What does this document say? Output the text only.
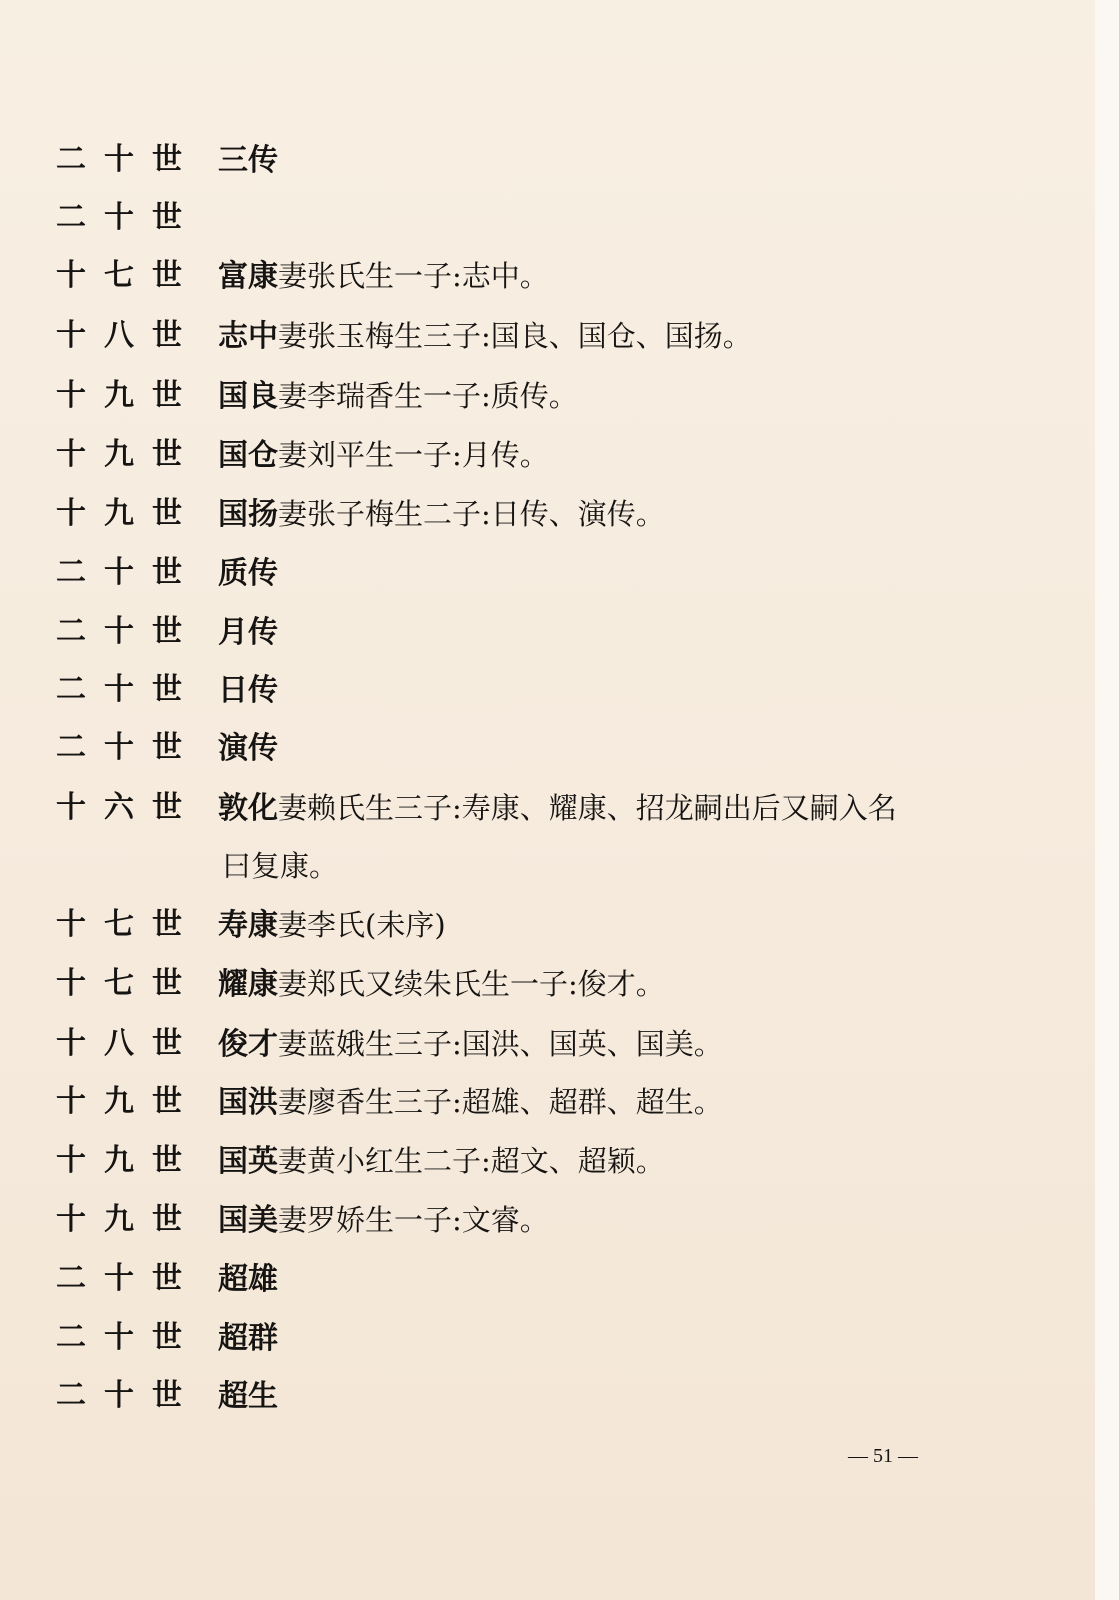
二十世 三传
二十世
十七世 富康妻张氏生一子:志中。
十八世 志中妻张玉梅生三子:国良、国仓、国扬。
十九世 国良妻李瑞香生一子:质传。
十九世 国仓妻刘平生一子:月传。
十九世 国扬妻张子梅生二子:日传、演传。
二十世 质传
二十世 月传
二十世 日传
二十世 演传
十六世 敦化妻赖氏生三子:寿康、耀康、招龙嗣出后又嗣入名
曰复康。
十七世 寿康妻李氏(未序)
十七世 耀康妻郑氏又续朱氏生一子:俊才。
十八世 俊才妻蓝娥生三子:国洪、国英、国美。
十九世 国洪妻廖香生三子:超雄、超群、超生。
十九世 国英妻黄小红生二子:超文、超颖。
十九世 国美妻罗娇生一子:文睿。
二十世 超雄
二十世 超群
二十世 超生
— 51 —
